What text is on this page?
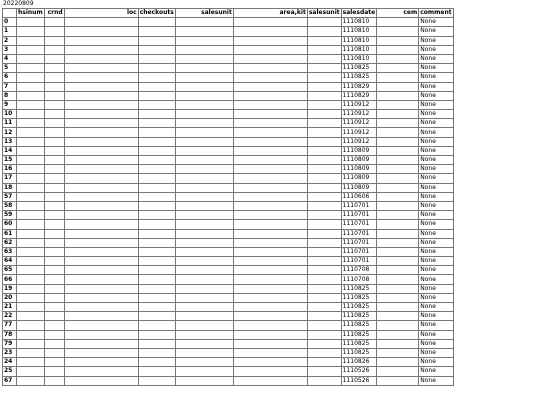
20220809
	hsinum	crnd	loc	checkouts	salesunit	area,kit	salesunit	salesdate	cem	comment
0								1110810		None
1								1110810		None
2								1110810		None
3								1110810		None
4								1110810		None
5								1110825		None
6								1110825		None
7								1110829		None
8								1110829		None
9								1110912		None
10								1110912		None
11								1110912		None
12								1110912		None
13								1110912		None
14								1110809		None
15								1110809		None
16								1110809		None
17								1110809		None
18								1110809		None
57								1110606		None
58								1110701		None
59								1110701		None
60								1110701		None
61								1110701		None
62								1110701		None
63								1110701		None
64								1110701		None
65								1110708		None
66								1110708		None
19								1110825		None
20								1110825		None
21								1110825		None
22								1110825		None
77								1110825		None
78								1110825		None
79								1110825		None
23								1110825		None
24								1110826		None
25								1110526		None
67								1110526		None
